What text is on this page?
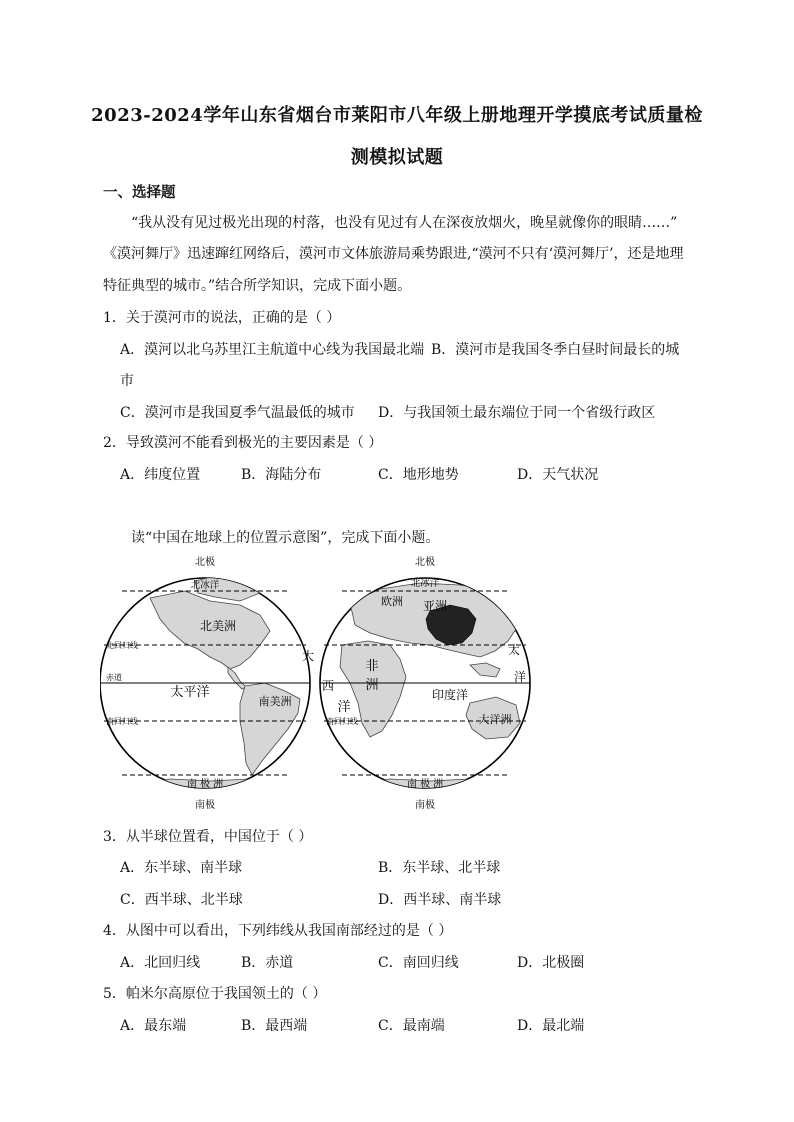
2023-2024学年山东省烟台市莱阳市八年级上册地理开学摸底考试质量检
测模拟试题
一、选择题
“我从没有见过极光出现的村落，也没有见过有人在深夜放烟火，晚星就像你的眼睛……”
《漠河舞厅》迅速蹿红网络后，漠河市文体旅游局乘势跟进,“漠河不只有‘漠河舞厅’，还是地理
特征典型的城市。”结合所学知识，完成下面小题。
1．关于漠河市的说法，正确的是（ ）
A．漠河以北乌苏里江主航道中心线为我国最北端 B．漠河市是我国冬季白昼时间最长的城
市
C．漠河市是我国夏季气温最低的城市 D．与我国领土最东端位于同一个省级行政区
2．导致漠河不能看到极光的主要因素是（ ）
A．纬度位置	B．海陆分布	C．地形地势	D．天气状况
读“中国在地球上的位置示意图”，完成下面小题。
北极
南极
北冰洋
北美洲
南美洲
太平洋
大
北回归线
赤道
南回归线
南 极 洲
北极
南极
北冰洋
欧洲 亚洲
非
洲
西
洋
印度洋
太
洋
大洋洲
南回归线
南 极 洲
3．从半球位置看，中国位于（ ）
A．东半球、南半球	B．东半球、北半球
C．西半球、北半球	D．西半球、南半球
4．从图中可以看出，下列纬线从我国南部经过的是（ ）
A．北回归线	B．赤道	C．南回归线	D．北极圈
5．帕米尔高原位于我国领土的（ ）
A．最东端	B．最西端	C．最南端	D．最北端
